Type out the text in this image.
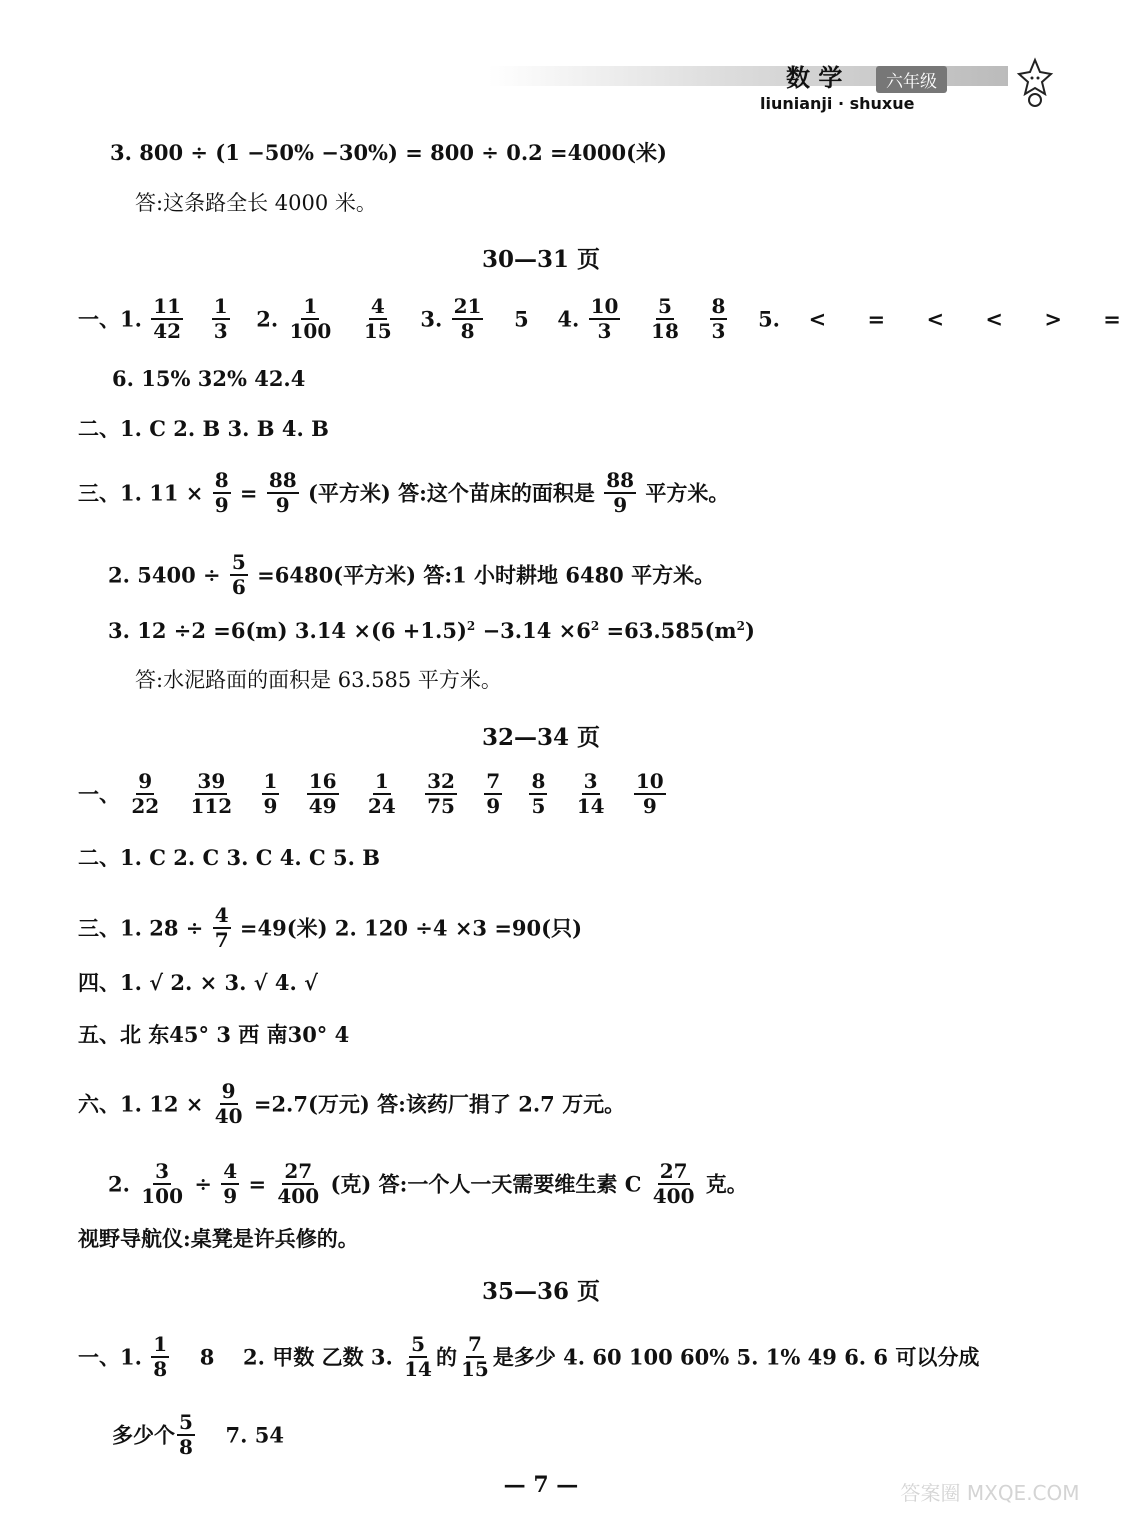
数 学	六年级
liunianji · shuxue
3. 800 ÷ (1 −50% −30%) = 800 ÷ 0.2 =4000(米)
答:这条路全长 4000 米。
30—31 页
一、1. $\frac{11}{42}$
$\frac{1}{3} 2$. $\frac{1}{100}$
$\frac{4}{15} 3$. $\frac{21}{8} 5$ 4. $\frac{10}{3}$
$\frac{5}{18}$
$\frac{8}{3} 5$. < = < < > =
6. 15% 32% 42.4
二、1. C 2. B 3. B 4. B
三、1. $11 \times \frac{8}{9} = \frac{88}{9}$ (平方米) 答:这个苗床的面积是 $\frac{88}{9}$ 平方米。
2. $5400 \div \frac{5}{6} =6480$(平方米) 答:1 小时耕地 6480 平方米。
3. 12 ÷2 =6(m) $3.14 \times(6 +1.5)^2 -3.14 \times 6^2 =63.585(m^2)$
答:水泥路面的面积是 63.585 平方米。
32—34 页
一、 $\frac{9}{22}$
$\frac{39}{112}$
$\frac{1}{9}$
$\frac{16}{49}$
$\frac{1}{24}$
$\frac{32}{75}$
$\frac{7}{9}$
$\frac{8}{5}$
$\frac{3}{14}$
$\frac{10}{9}$
二、1. C 2. C 3. C 4. C 5. B
三、1. $28 \div \frac{4}{7} =49$(米) 2. 120 ÷4 ×3 =90(只)
四、1. √ 2. × 3. √ 4. √
五、北 东45° 3 西 南30° 4
六、1. $12 \times \frac{9}{40} =2.7$(万元) 答:该药厂捐了 2.7 万元。
2. $\frac{3}{100} \div \frac{4}{9} = \frac{27}{400}$ (克) 答:一个人一天需要维生素 C $\frac{27}{400}$ 克。
视野导航仪:桌凳是许兵修的。
35—36 页
一、1. $\frac{1}{8} 8$ 2. 甲数 乙数 3. $\frac{5}{14}$ 的 $\frac{7}{15}$ 是多少 4. 60 100 60% 5. 1% 49 6. 6 可以分成
多少个 $\frac{5}{8} 7$. 54
— 7 —	答案圈 MXQE.COM
